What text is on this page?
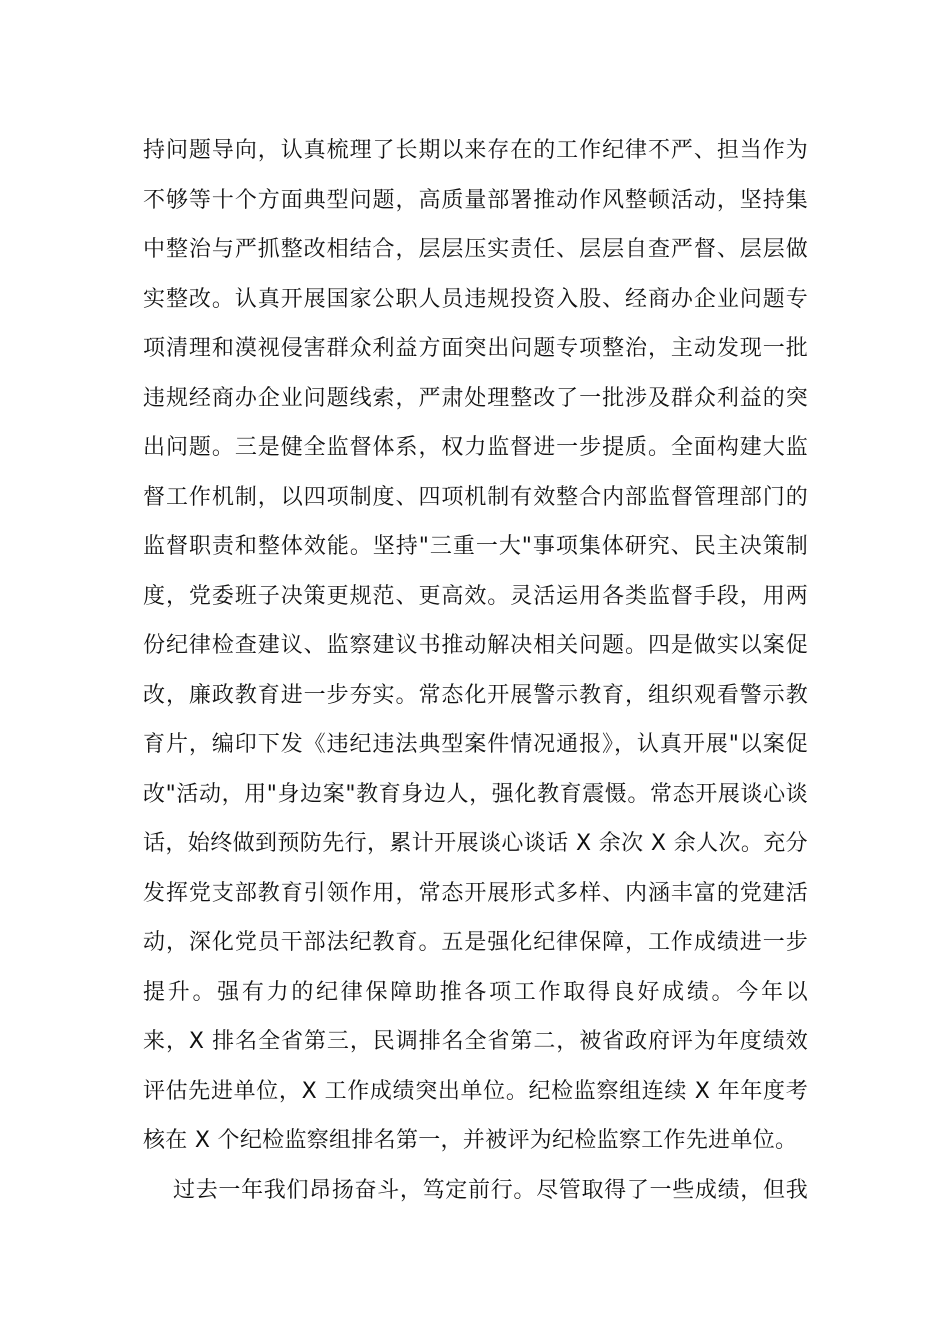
持问题导向，认真梳理了长期以来存在的工作纪律不严、担当作为
不够等十个方面典型问题，高质量部署推动作风整顿活动，坚持集
中整治与严抓整改相结合，层层压实责任、层层自查严督、层层做
实整改。认真开展国家公职人员违规投资入股、经商办企业问题专
项清理和漠视侵害群众利益方面突出问题专项整治，主动发现一批
违规经商办企业问题线索，严肃处理整改了一批涉及群众利益的突
出问题。三是健全监督体系，权力监督进一步提质。全面构建大监
督工作机制，以四项制度、四项机制有效整合内部监督管理部门的
监督职责和整体效能。坚持"三重一大"事项集体研究、民主决策制
度，党委班子决策更规范、更高效。灵活运用各类监督手段，用两
份纪律检查建议、监察建议书推动解决相关问题。四是做实以案促
改，廉政教育进一步夯实。常态化开展警示教育，组织观看警示教
育片，编印下发《违纪违法典型案件情况通报》，认真开展"以案促
改"活动，用"身边案"教育身边人，强化教育震慑。常态开展谈心谈
话，始终做到预防先行，累计开展谈心谈话 X 余次 X 余人次。充分
发挥党支部教育引领作用，常态开展形式多样、内涵丰富的党建活
动，深化党员干部法纪教育。五是强化纪律保障，工作成绩进一步
提升。强有力的纪律保障助推各项工作取得良好成绩。今年以
来，X 排名全省第三，民调排名全省第二，被省政府评为年度绩效
评估先进单位，X 工作成绩突出单位。纪检监察组连续 X 年年度考
核在 X 个纪检监察组排名第一，并被评为纪检监察工作先进单位。
过去一年我们昂扬奋斗，笃定前行。尽管取得了一些成绩，但我
